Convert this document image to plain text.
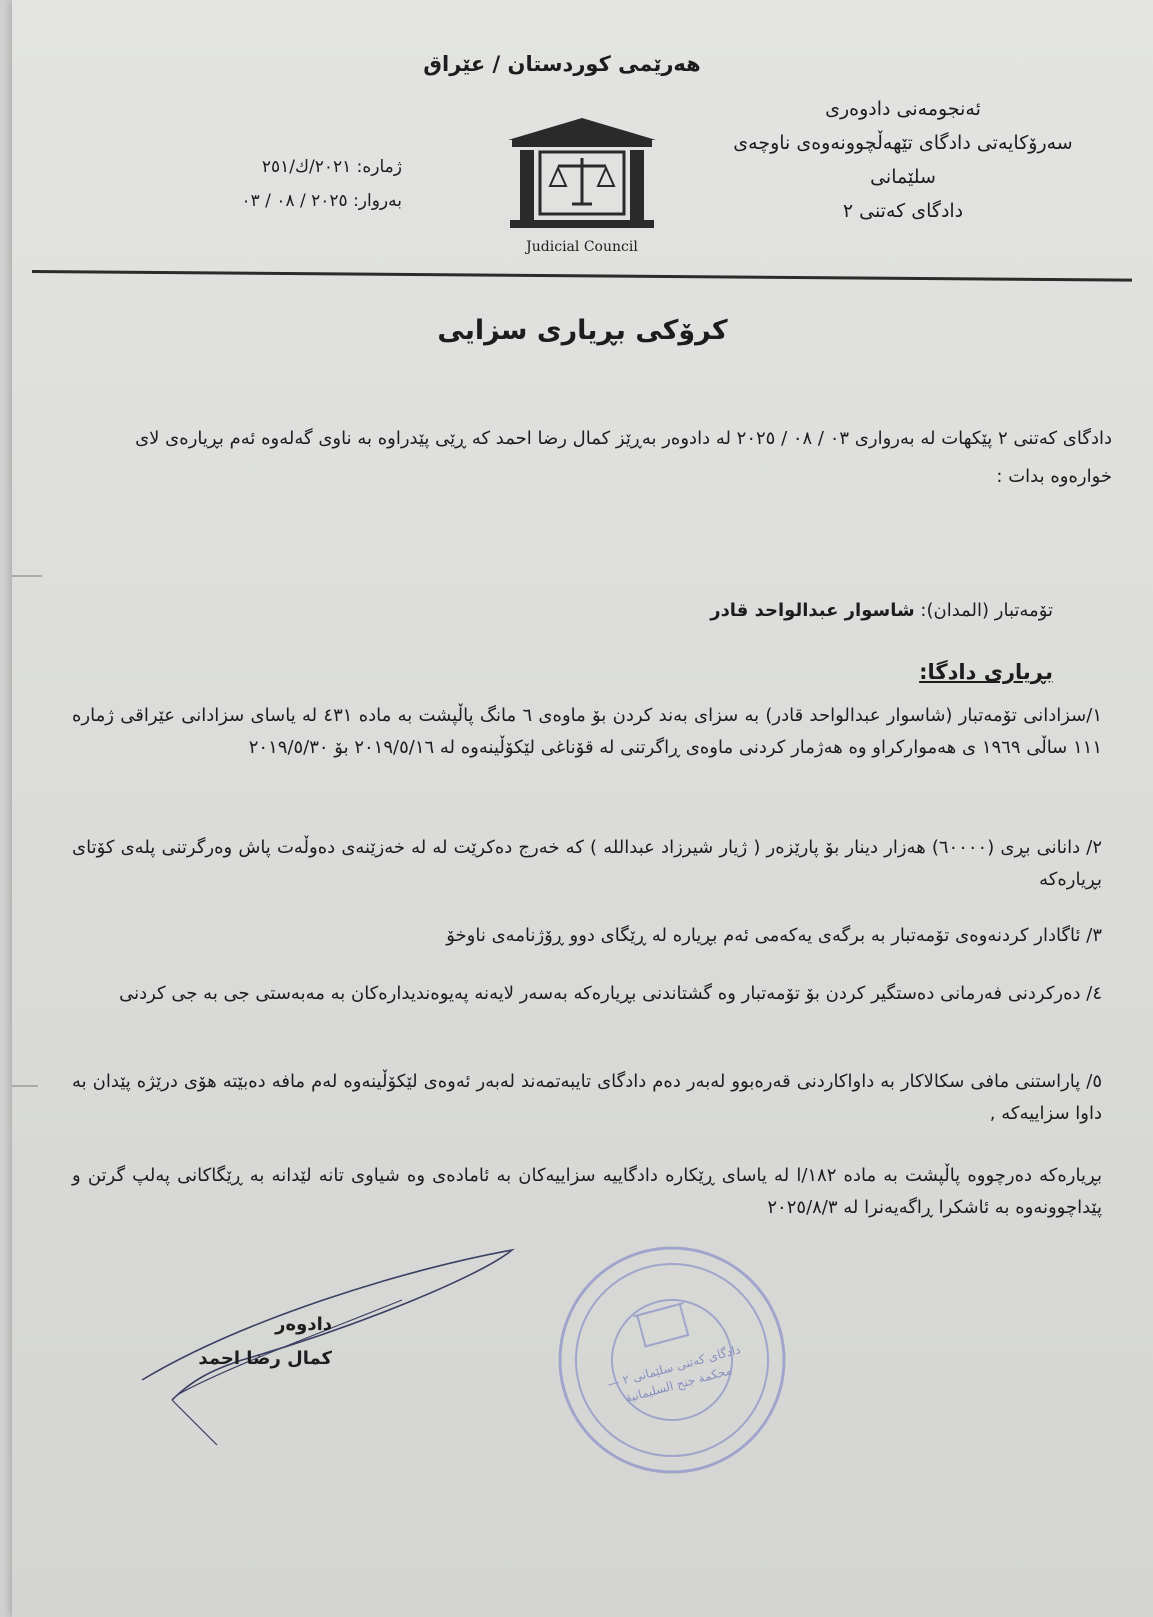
هەرێمی کوردستان / عێراق
ئەنجومەنی دادوەری
سەرۆکایەتی دادگای تێهەڵچوونەوەی ناوچەی
سلێمانی
دادگای کەتنی ٢
ژمارە: ٢٠٢١/ك/٢٥١
بەروار: ٢٠٢٥ / ٠٨ / ٠٣
Judicial Council
کرۆکی بڕیاری سزایی
دادگای کەتنی ٢ پێکهات لە بەرواری ٠٣ / ٠٨ / ٢٠٢٥ لە دادوەر بەڕێز کمال رضا احمد کە ڕێی پێدراوە بە ناوی گەلەوە ئەم بڕیارەی لای خوارەوە بدات :
تۆمەتبار (المدان): شاسوار عبدالواحد قادر
بڕیاری دادگا:
١/سزادانی تۆمەتبار (شاسوار عبدالواحد قادر) بە سزای بەند کردن بۆ ماوەی ٦ مانگ پاڵپشت بە ماده ٤٣١ لە یاسای سزادانی عێراقی ژمارە ١١١ ساڵی ١٩٦٩ ی هەموارکراو وە هەژمار کردنی ماوەی ڕاگرتنی لە قۆناغی لێکۆڵینەوە لە ٢٠١٩/٥/١٦ بۆ ٢٠١٩/٥/٣٠
٢/ دانانی بڕی (٦٠٠٠٠) هەزار دینار بۆ پارێزەر ( ژیار شیرزاد عبداللە ) کە خەرج دەکرێت لە لە خەزێنەی دەوڵەت پاش وەرگرتنی پلەی کۆتای بڕیارەکە
٣/ ئاگادار کردنەوەی تۆمەتبار بە برگەی یەکەمی ئەم بڕیارە لە ڕێگای دوو ڕۆژنامەی ناوخۆ
٤/ دەرکردنی فەرمانی دەستگیر کردن بۆ تۆمەتبار وە گشتاندنی بڕیارەکە بەسەر لایەنە پەیوەندیدارەکان بە مەبەستی جی بە جی کردنی
٥/ پاراستنی مافی سکالاکار بە داواکاردنی قەرەبوو لەبەر دەم دادگای تایبەتمەند لەبەر ئەوەی لێکۆڵینەوە لەم مافە دەبێتە هۆی درێژە پێدان بە داوا سزاییەکە ,
بڕیارەکە دەرچووە پاڵپشت بە ماده ١٨٢/ا لە یاسای ڕێکارە دادگاییە سزاییەکان بە ئامادەی وە شیاوی تانە لێدانە بە ڕێگاکانی پەلپ گرتن و پێداچوونەوە بە ئاشکرا ڕاگەیەنرا لە ٢٠٢٥/٨/٣
دادوەر
کمال رضا احمد
دادگای کەتنی سلێمانی ٢ — محكمة جنح السليمانية
